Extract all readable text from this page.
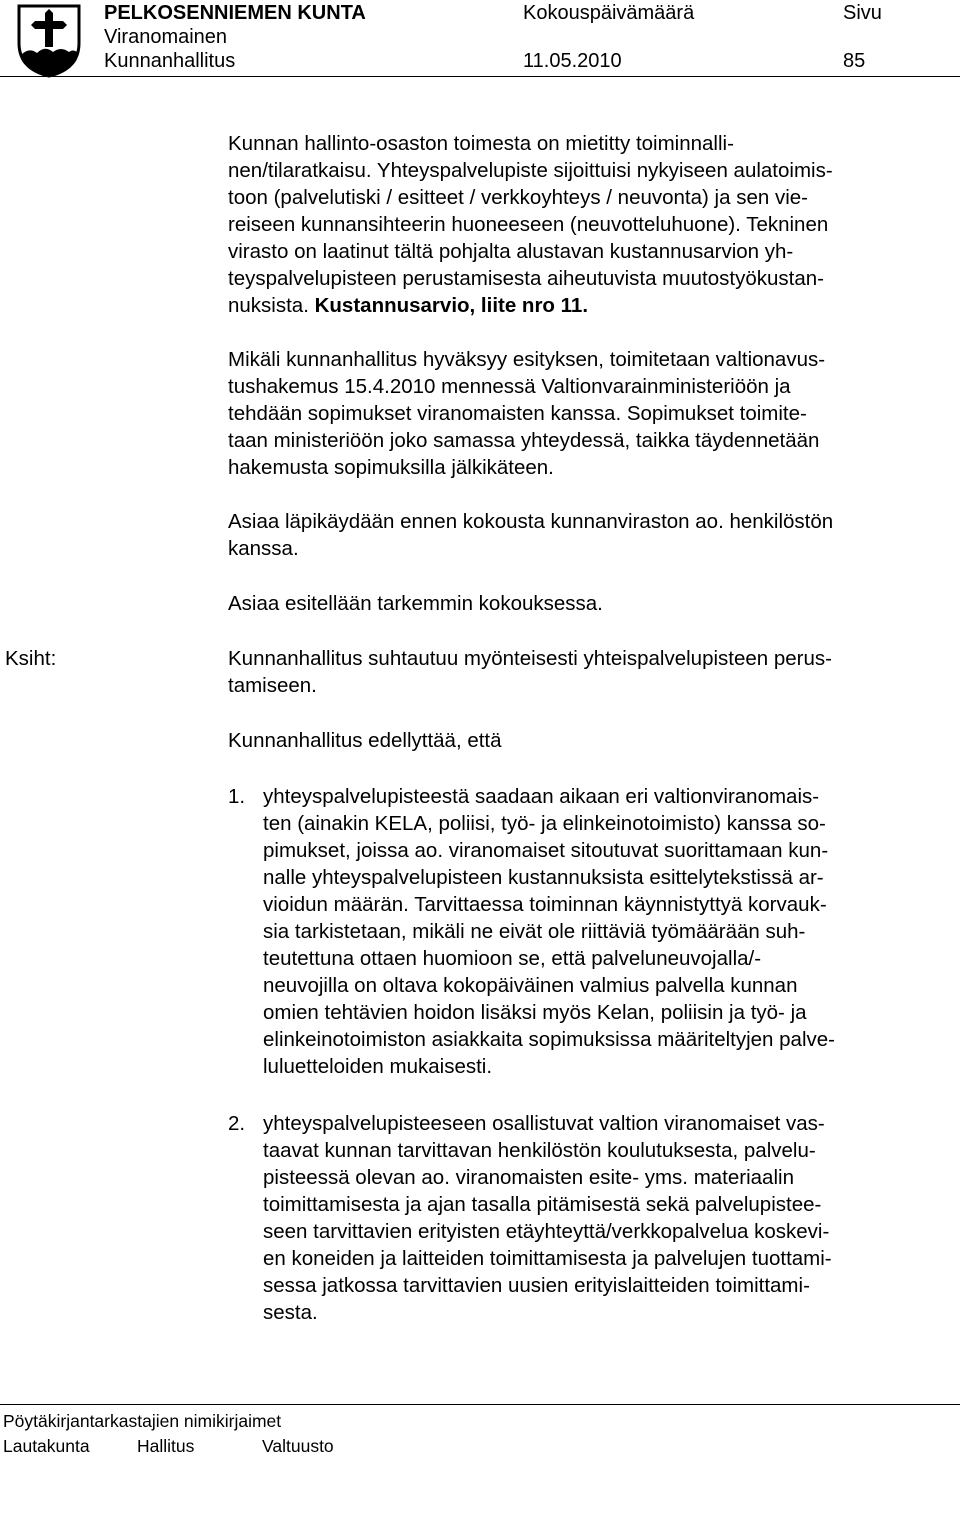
PELKOSENNIEMEN KUNTA
Viranomainen
Kunnanhallitus
Kokouspäivämäärä
11.05.2010
Sivu
85
Kunnan hallinto-osaston toimesta on mietitty toiminnalli-
nen/tilaratkaisu. Yhteyspalvelupiste sijoittuisi nykyiseen aulatoimis-
toon (palvelutiski / esitteet / verkkoyhteys / neuvonta) ja sen vie-
reiseen kunnansihteerin huoneeseen (neuvotteluhuone). Tekninen
virasto on laatinut tältä pohjalta alustavan kustannusarvion yh-
teyspalvelupisteen perustamisesta aiheutuvista muutostyökustan-
nuksista. Kustannusarvio, liite nro 11.
Mikäli kunnanhallitus hyväksyy esityksen, toimitetaan valtionavus-
tushakemus 15.4.2010 mennessä Valtionvarainministeriöön ja
tehdään sopimukset viranomaisten kanssa. Sopimukset toimite-
taan ministeriöön joko samassa yhteydessä, taikka täydennetään
hakemusta sopimuksilla jälkikäteen.
Asiaa läpikäydään ennen kokousta kunnanviraston ao. henkilöstön
kanssa.
Asiaa esitellään tarkemmin kokouksessa.
Ksiht:	Kunnanhallitus suhtautuu myönteisesti yhteispalvelupisteen perus-
tamiseen.
Kunnanhallitus edellyttää, että
1. yhteyspalvelupisteestä saadaan aikaan eri valtionviranomais-
ten (ainakin KELA, poliisi, työ- ja elinkeinotoimisto) kanssa so-
pimukset, joissa ao. viranomaiset sitoutuvat suorittamaan kun-
nalle yhteyspalvelupisteen kustannuksista esittelytekstissä ar-
vioidun määrän. Tarvittaessa toiminnan käynnistyttyä korvauk-
sia tarkistetaan, mikäli ne eivät ole riittäviä työmäärään suh-
teutettuna ottaen huomioon se, että palveluneuvojalla/-
neuvojilla on oltava kokopäiväinen valmius palvella kunnan
omien tehtävien hoidon lisäksi myös Kelan, poliisin ja työ- ja
elinkeinotoimiston asiakkaita sopimuksissa määriteltyjen palve-
luluetteloiden mukaisesti.
2. yhteyspalvelupisteeseen osallistuvat valtion viranomaiset vas-
taavat kunnan tarvittavan henkilöstön koulutuksesta, palvelu-
pisteessä olevan ao. viranomaisten esite- yms. materiaalin
toimittamisesta ja ajan tasalla pitämisestä sekä palvelupistee-
seen tarvittavien erityisten etäyhteyttä/verkkopalvelua koskevi-
en koneiden ja laitteiden toimittamisesta ja palvelujen tuottami-
sessa jatkossa tarvittavien uusien erityislaitteiden toimittami-
sesta.
Pöytäkirjantarkastajien nimikirjaimet
Lautakunta	Hallitus	Valtuusto
